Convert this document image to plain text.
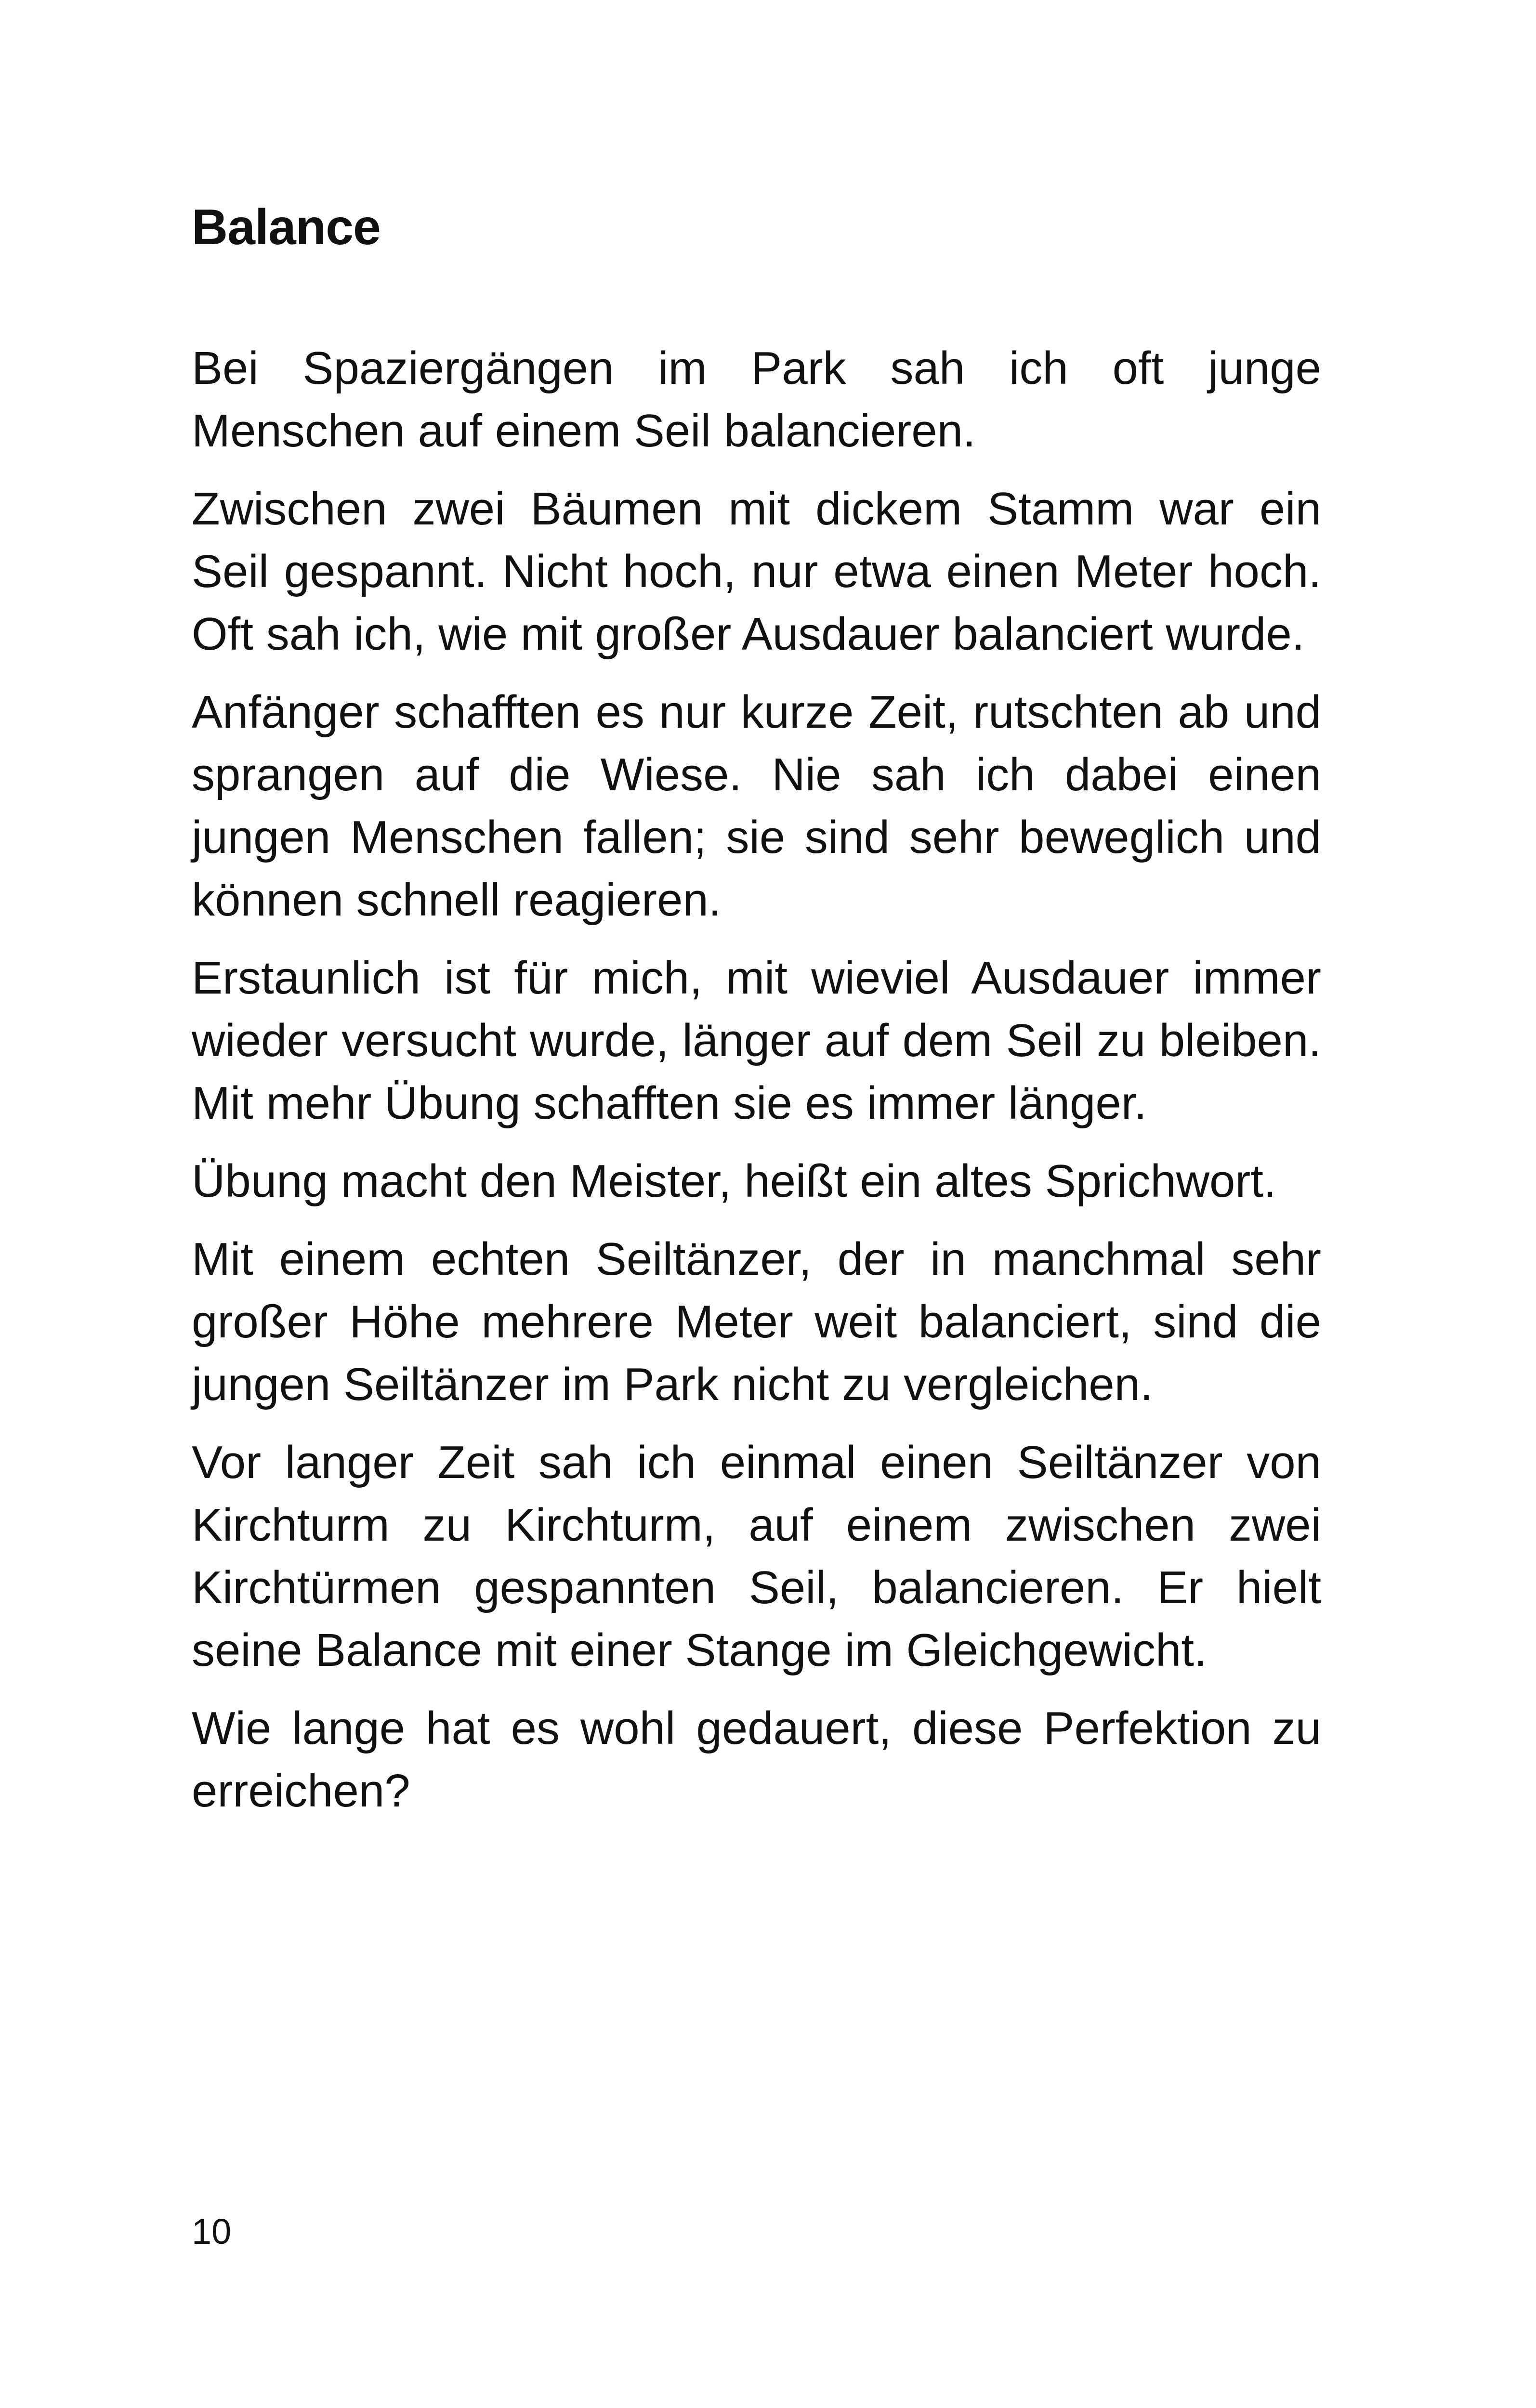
Balance

Bei Spaziergängen im Park sah ich oft junge Menschen auf einem Seil balancieren.

Zwischen zwei Bäumen mit dickem Stamm war ein Seil gespannt. Nicht hoch, nur etwa einen Meter hoch. Oft sah ich, wie mit großer Ausdauer balanciert wurde.

Anfänger schafften es nur kurze Zeit, rutschten ab und sprangen auf die Wiese. Nie sah ich dabei einen jungen Menschen fallen; sie sind sehr beweglich und können schnell reagieren.

Erstaunlich ist für mich, mit wieviel Ausdauer immer wieder versucht wurde, länger auf dem Seil zu bleiben. Mit mehr Übung schafften sie es immer länger.

Übung macht den Meister, heißt ein altes Sprichwort.

Mit einem echten Seiltänzer, der in manchmal sehr großer Höhe mehrere Meter weit balanciert, sind die jungen Seiltänzer im Park nicht zu vergleichen.

Vor langer Zeit sah ich einmal einen Seiltänzer von Kirchturm zu Kirchturm, auf einem zwischen zwei Kirchtürmen gespannten Seil, balancieren. Er hielt seine Balance mit einer Stange im Gleichgewicht.

Wie lange hat es wohl gedauert, diese Perfektion zu erreichen?

10
